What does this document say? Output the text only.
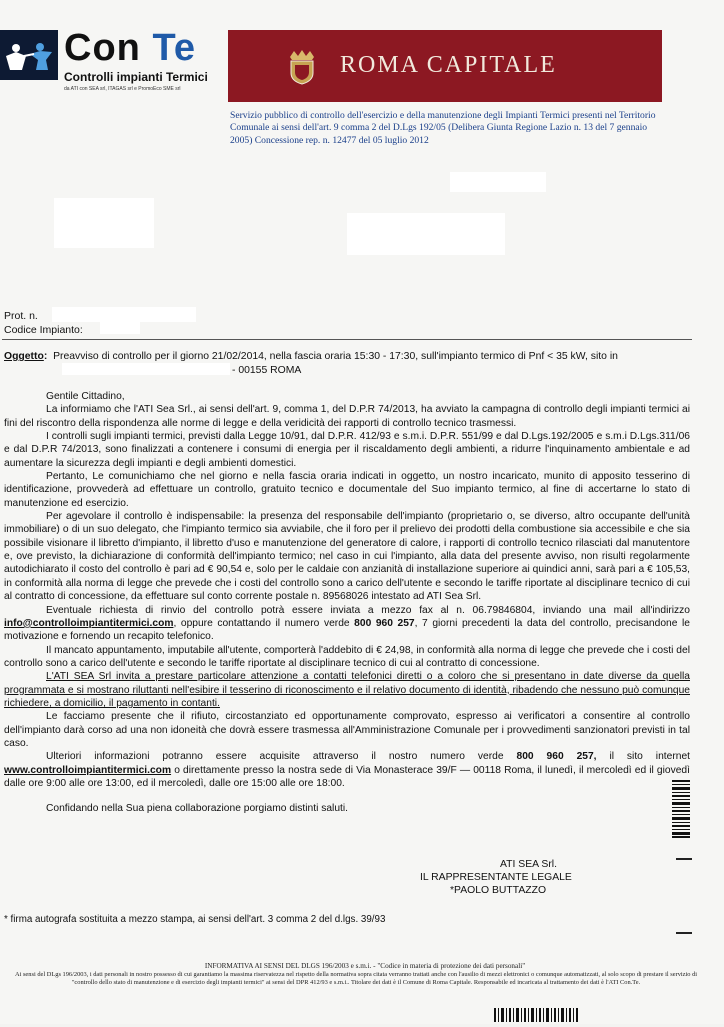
Con Te
Controlli impianti Termici
da ATI con SEA srl, ITAGAS srl e PromoEco SME srl
ROMA CAPITALE
Servizio pubblico di controllo dell'esercizio e della manutenzione degli Impianti Termici presenti nel Territorio Comunale ai sensi dell'art. 9 comma 2 del D.Lgs 192/05 (Delibera Giunta Regione Lazio n. 13 del 7 gennaio 2005) Concessione rep. n. 12477 del 05 luglio 2012
Prot. n.
Codice Impianto:
Oggetto: Preavviso di controllo per il giorno 21/02/2014, nella fascia oraria 15:30 - 17:30, sull'impianto termico di Pnf < 35 kW, sito in
- 00155 ROMA

Gentile Cittadino,

La informiamo che l'ATI Sea Srl., ai sensi dell'art. 9, comma 1, del D.P.R 74/2013, ha avviato la campagna di controllo degli impianti termici ai fini del riscontro della rispondenza alle norme di legge e della veridicità dei rapporti di controllo tecnico trasmessi.

I controlli sugli impianti termici, previsti dalla Legge 10/91, dal D.P.R. 412/93 e s.m.i. D.P.R. 551/99 e dal D.Lgs.192/2005 e s.m.i D.Lgs.311/06 e dal D.P.R 74/2013, sono finalizzati a contenere i consumi di energia per il riscaldamento degli ambienti, a ridurre l'inquinamento ambientale e ad aumentare la sicurezza degli impianti e degli ambienti domestici.

Pertanto, Le comunichiamo che nel giorno e nella fascia oraria indicati in oggetto, un nostro incaricato, munito di apposito tesserino di identificazione, provvederà ad effettuare un controllo, gratuito tecnico e documentale del Suo impianto termico, al fine di accertarne lo stato di manutenzione ed esercizio.

Per agevolare il controllo è indispensabile: la presenza del responsabile dell'impianto (proprietario o, se diverso, altro occupante dell'unità immobiliare) o di un suo delegato, che l'impianto termico sia avviabile, che il foro per il prelievo dei prodotti della combustione sia accessibile e che sia possibile visionare il libretto d'impianto, il libretto d'uso e manutenzione del generatore di calore, i rapporti di controllo tecnico rilasciati dal manutentore e, ove previsto, la dichiarazione di conformità dell'impianto termico; nel caso in cui l'impianto, alla data del presente avviso, non risulti regolarmente autodichiarato il costo del controllo è pari ad € 90,54 e, solo per le caldaie con anzianità di installazione superiore ai quindici anni, sarà pari a € 105,53, in conformità alla norma di legge che prevede che i costi del controllo sono a carico dell'utente e secondo le tariffe riportate al disciplinare tecnico di cui al contratto di concessione, da effettuare sul conto corrente postale n. 89568026 intestato ad ATI Sea Srl.

Eventuale richiesta di rinvio del controllo potrà essere inviata a mezzo fax al n. 06.79846804, inviando una mail all'indirizzo info@controlloimpiantitermici.com, oppure contattando il numero verde 800 960 257, 7 giorni precedenti la data del controllo, precisandone le motivazione e fornendo un recapito telefonico.

Il mancato appuntamento, imputabile all'utente, comporterà l'addebito di € 24,98, in conformità alla norma di legge che prevede che i costi del controllo sono a carico dell'utente e secondo le tariffe riportate al disciplinare tecnico di cui al contratto di concessione.

L'ATI SEA Srl invita a prestare particolare attenzione a contatti telefonici diretti o a coloro che si presentano in date diverse da quella programmata e si mostrano riluttanti nell'esibire il tesserino di riconoscimento e il relativo documento di identità, ribadendo che nessuno può comunque richiedere, a domicilio, il pagamento in contanti.

Le facciamo presente che il rifiuto, circostanziato ed opportunamente comprovato, espresso ai verificatori a consentire al controllo dell'impianto darà corso ad una non idoneità che dovrà essere trasmessa all'Amministrazione Comunale per i provvedimenti sanzionatori previsti in tal caso.

Ulteriori informazioni potranno essere acquisite attraverso il nostro numero verde 800 960 257, il sito internet www.controlloimpiantitermici.com o direttamente presso la nostra sede di Via Monasterace 39/F — 00118 Roma, il lunedì, il mercoledì ed il giovedì dalle ore 9:00 alle ore 13:00, ed il mercoledì, dalle ore 15:00 alle ore 18:00.

Confidando nella Sua piena collaborazione porgiamo distinti saluti.

ATI SEA Srl.
IL RAPPRESENTANTE LEGALE
*PAOLO BUTTAZZO
* firma autografa sostituita a mezzo stampa, ai sensi dell'art. 3 comma 2 del d.lgs. 39/93
INFORMATIVA AI SENSI DEL DLGS 196/2003 e s.m.i. - "Codice in materia di protezione dei dati personali"
Ai sensi del DLgs 196/2003, i dati personali in nostro possesso di cui garantiamo la massima riservatezza nel rispetto della normativa sopra citata verranno trattati anche con l'ausilio di mezzi elettronici o comunque automatizzati, al solo scopo di prestare il servizio di "controllo dello stato di manutenzione e di esercizio degli impianti termici" ai sensi del DPR 412/93 e s.m.i.. Titolare dei dati è il Comune di Roma Capitale. Responsabile ed incaricata al trattamento dei dati è l'ATI Con.Te.
